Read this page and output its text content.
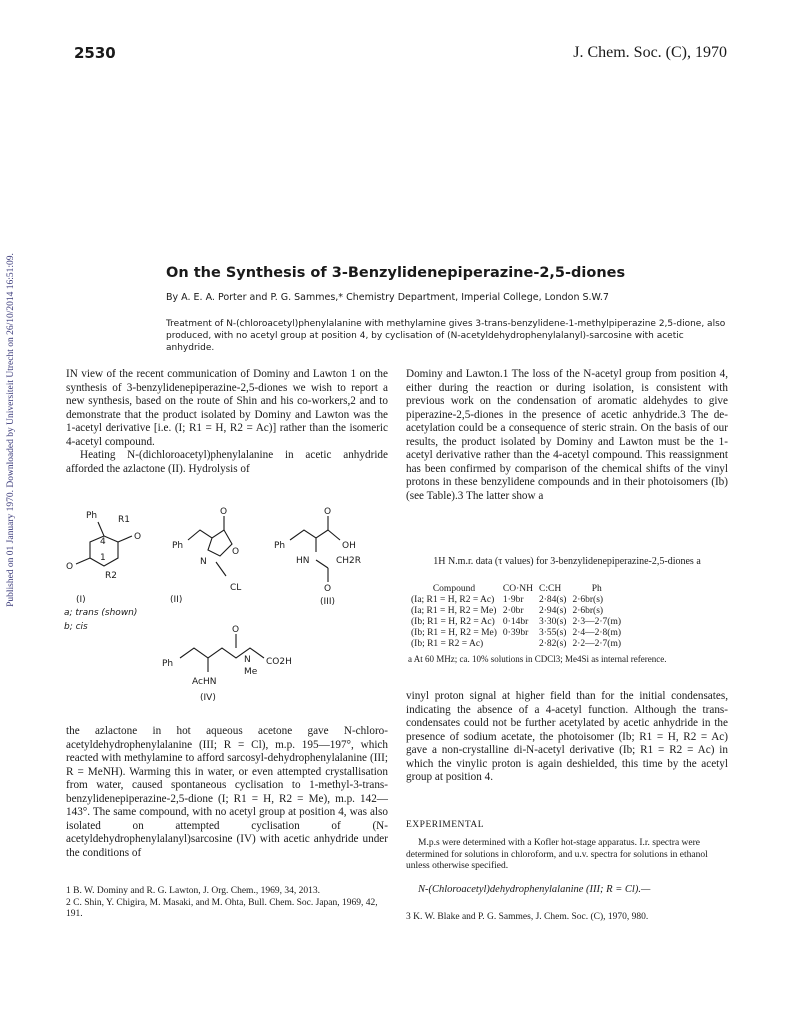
Published on 01 January 1970. Downloaded by Universiteit Utrecht on 26/10/2014 16:51:09.
2530	J. Chem. Soc. (C), 1970
On the Synthesis of 3-Benzylidenepiperazine-2,5-diones
By A. E. A. Porter and P. G. Sammes,* Chemistry Department, Imperial College, London S.W.7
Treatment of N-(chloroacetyl)phenylalanine with methylamine gives 3-trans-benzylidene-1-methylpiperazine 2,5-dione, also produced, with no acetyl group at position 4, by cyclisation of (N-acetyldehydrophenylalanyl)-sarcosine with acetic anhydride.

IN view of the recent communication of Dominy and Lawton 1 on the synthesis of 3-benzylidenepiperazine-2,5-diones we wish to report a new synthesis, based on the route of Shin and his co-workers,2 and to demonstrate that the product isolated by Dominy and Lawton was the 1-acetyl derivative [i.e. (I; R1 = H, R2 = Ac)] rather than the isomeric 4-acetyl compound.

Heating N-(dichloroacetyl)phenylalanine in acetic anhydride afforded the azlactone (II). Hydrolysis of

Ph R1
O
O
4
1
R2
Ph
O
O
N
CL
Ph
O
OH
HN	CH2R
O
(I)	(II)	(III)
a; trans (shown)
b; cis
Ph
O
N
Me
CO2H
AcHN
(IV)
the azlactone in hot aqueous acetone gave N-chloro-acetyldehydrophenylalanine (III; R = Cl), m.p. 195—197°, which reacted with methylamine to afford sarcosyl-dehydrophenylalanine (III; R = MeNH). Warming this in water, or even attempted crystallisation from water, caused spontaneous cyclisation to 1-methyl-3-trans-benzylidenepiperazine-2,5-dione (I; R1 = H, R2 = Me), m.p. 142—143°. The same compound, with no acetyl group at position 4, was also isolated on attempted cyclisation of (N-acetyldehydrophenylalanyl)sarcosine (IV) with acetic anhydride under the conditions of
1 B. W. Dominy and R. G. Lawton, J. Org. Chem., 1969, 34, 2013.
2 C. Shin, Y. Chigira, M. Masaki, and M. Ohta, Bull. Chem. Soc. Japan, 1969, 42, 191.
Dominy and Lawton.1 The loss of the N-acetyl group from position 4, either during the reaction or during isolation, is consistent with previous work on the condensation of aromatic aldehydes to give piperazine-2,5-diones in the presence of acetic anhydride.3 The de-acetylation could be a consequence of steric strain. On the basis of our results, the product isolated by Dominy and Lawton must be the 1-acetyl derivative rather than the 4-acetyl compound. This reassignment has been confirmed by comparison of the chemical shifts of the vinyl protons in these benzylidene compounds and in their photoisomers (Ib) (see Table).3 The latter show a
1H N.m.r. data (τ values) for 3-benzylidenepiperazine-2,5-diones a
Compound	CO·NH	C:CH	Ph
(Ia; R1 = H, R2 = Ac)	1·9br	2·84(s)	2·6br(s)
(Ia; R1 = H, R2 = Me)	2·0br	2·94(s)	2·6br(s)
(Ib; R1 = H, R2 = Ac)	0·14br	3·30(s)	2·3—2·7(m)
(Ib; R1 = H, R2 = Me)	0·39br	3·55(s)	2·4—2·8(m)
(Ib; R1 = R2 = Ac)		2·82(s)	2·2—2·7(m)
a At 60 MHz; ca. 10% solutions in CDCl3; Me4Si as internal reference.
vinyl proton signal at higher field than for the initial condensates, indicating the absence of a 4-acetyl function. Although the trans-condensates could not be further acetylated by acetic anhydride in the presence of sodium acetate, the photoisomer (Ib; R1 = H, R2 = Ac) gave a non-crystalline di-N-acetyl derivative (Ib; R1 = R2 = Ac) in which the vinylic proton is again deshielded, this time by the acetyl group at position 4.
EXPERIMENTAL
M.p.s were determined with a Kofler hot-stage apparatus. I.r. spectra were determined for solutions in chloroform, and u.v. spectra for solutions in ethanol unless otherwise specified.
N-(Chloroacetyl)dehydrophenylalanine (III; R = Cl).—
3 K. W. Blake and P. G. Sammes, J. Chem. Soc. (C), 1970, 980.
